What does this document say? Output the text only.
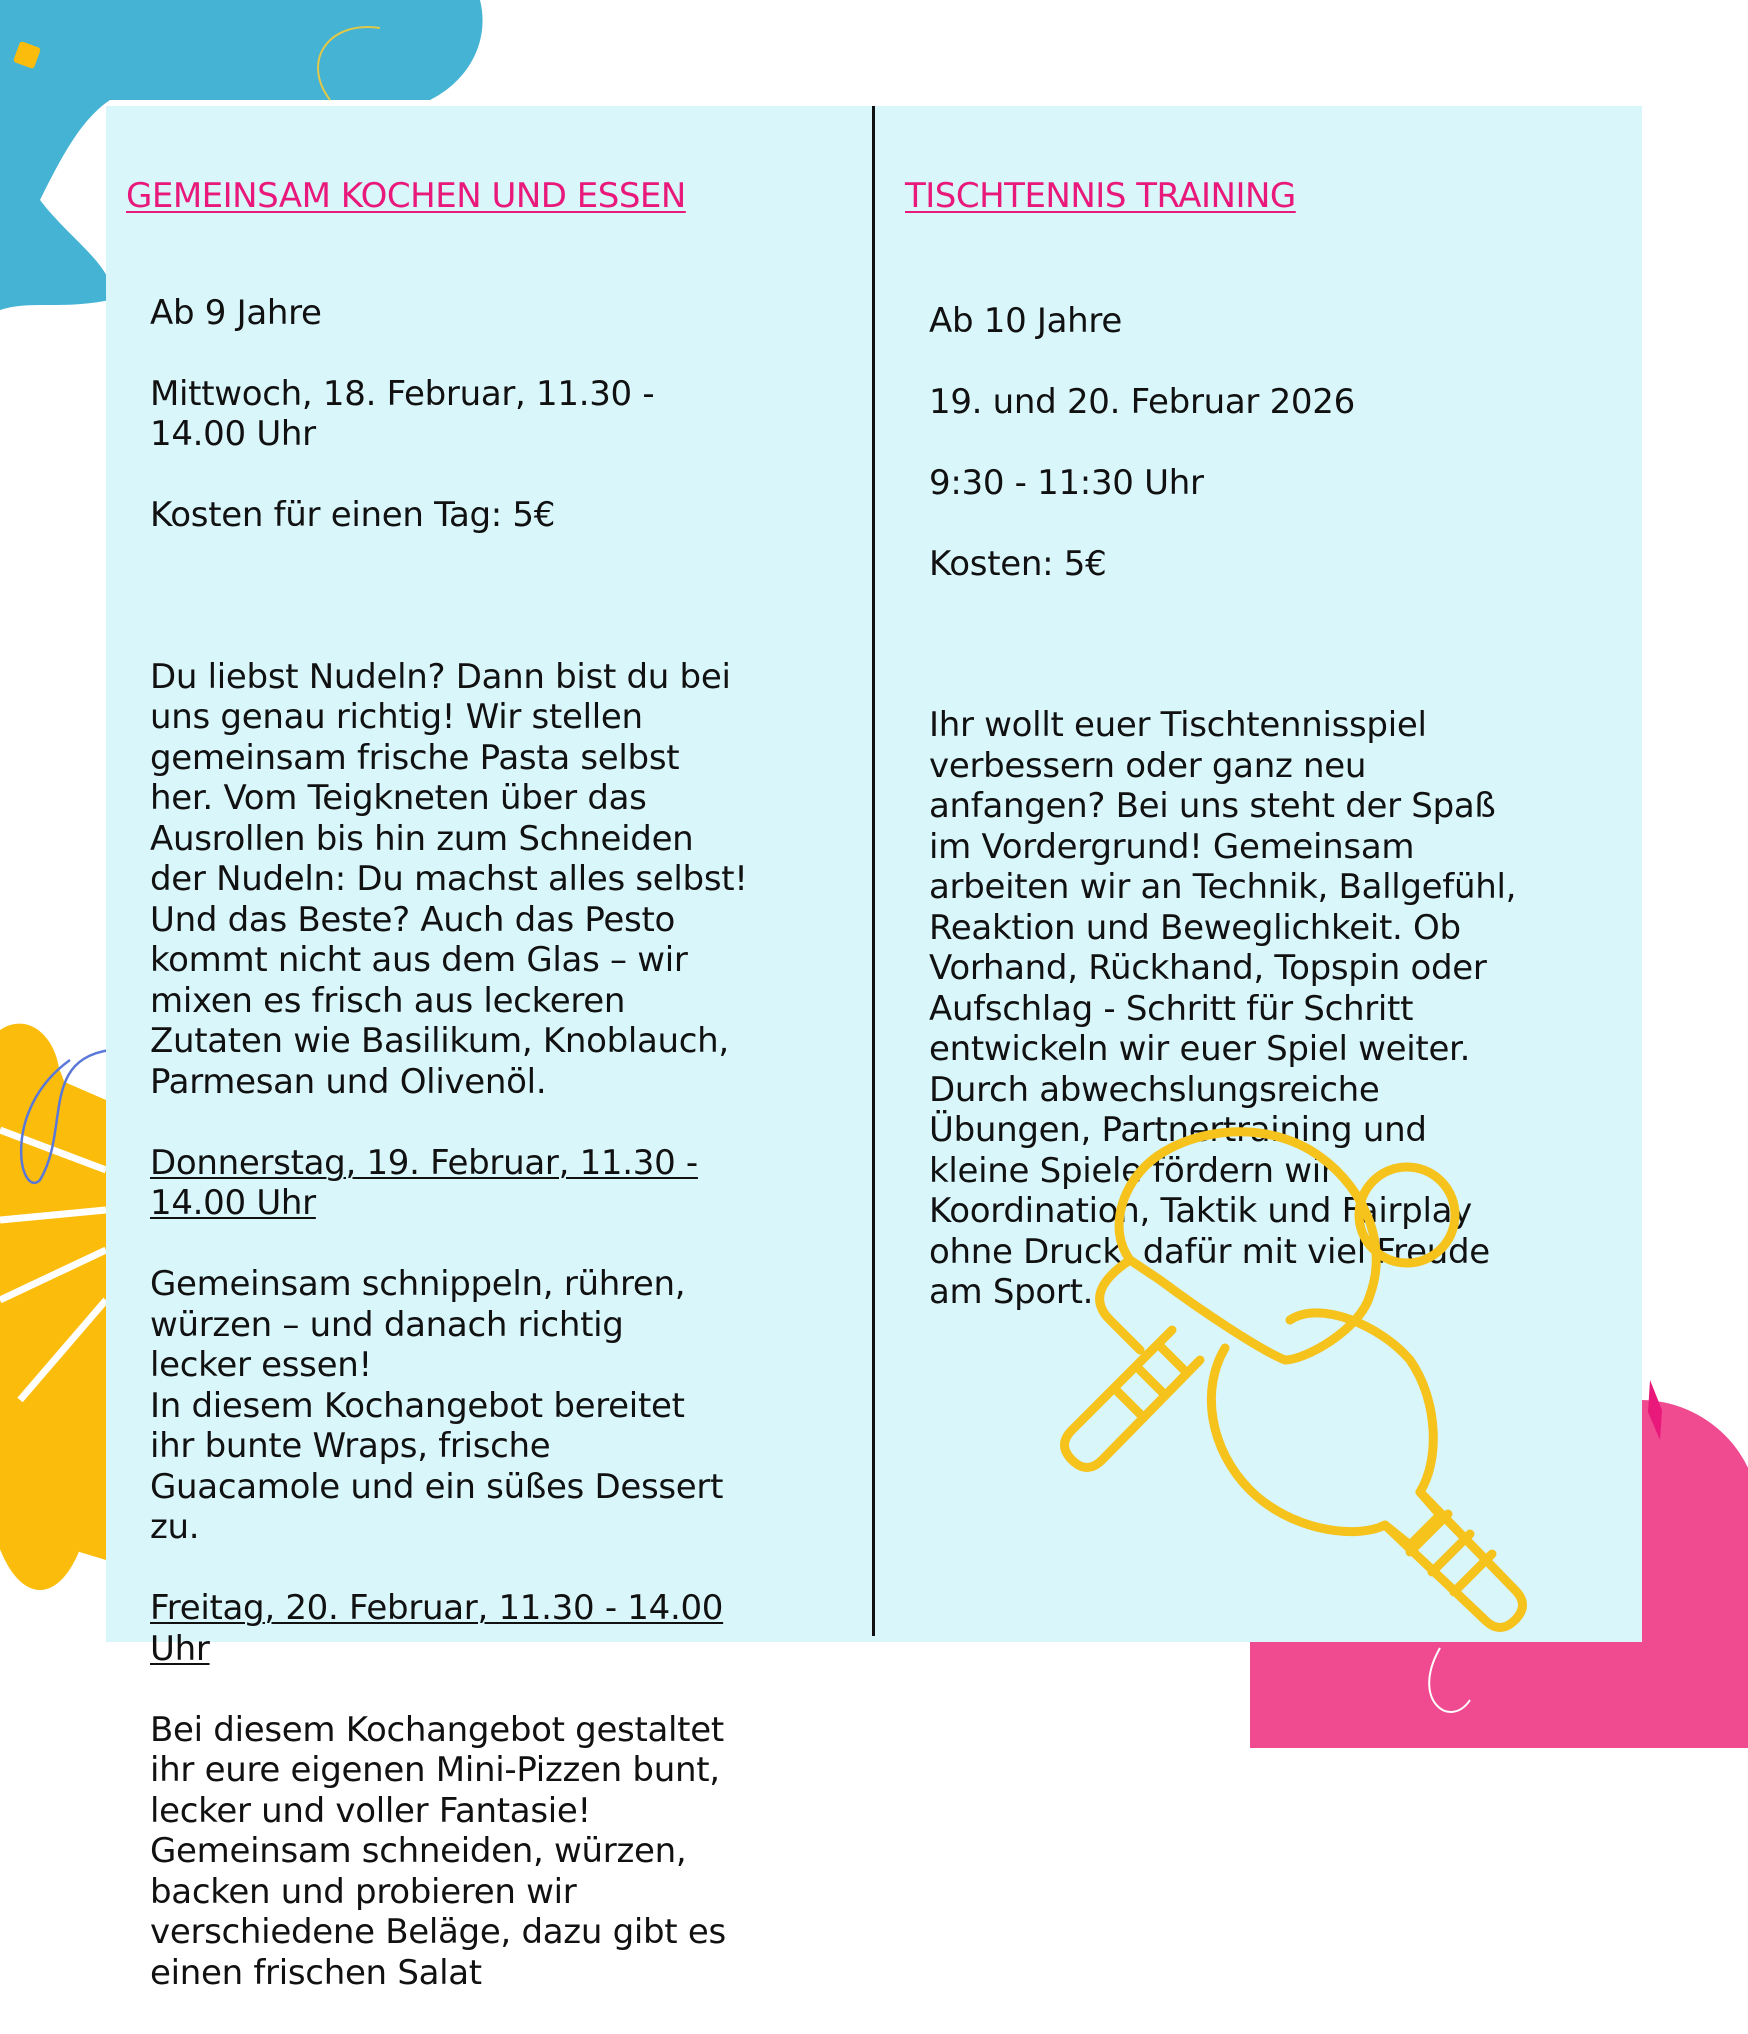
GEMEINSAM KOCHEN UND ESSEN

Ab 9 Jahre

Mittwoch, 18. Februar, 11.30 -
14.00 Uhr

Kosten für einen Tag: 5€

Du liebst Nudeln? Dann bist du bei
uns genau richtig! Wir stellen
gemeinsam frische Pasta selbst
her. Vom Teigkneten über das
Ausrollen bis hin zum Schneiden
der Nudeln: Du machst alles selbst!
Und das Beste? Auch das Pesto
kommt nicht aus dem Glas – wir
mixen es frisch aus leckeren
Zutaten wie Basilikum, Knoblauch,
Parmesan und Olivenöl.

Donnerstag, 19. Februar, 11.30 -
14.00 Uhr

Gemeinsam schnippeln, rühren,
würzen – und danach richtig
lecker essen!
In diesem Kochangebot bereitet
ihr bunte Wraps, frische
Guacamole und ein süßes Dessert
zu.

Freitag, 20. Februar, 11.30 - 14.00
Uhr

Bei diesem Kochangebot gestaltet
ihr eure eigenen Mini-Pizzen bunt,
lecker und voller Fantasie!
Gemeinsam schneiden, würzen,
backen und probieren wir
verschiedene Beläge, dazu gibt es
einen frischen Salat

TISCHTENNIS TRAINING

Ab 10 Jahre

19. und 20. Februar 2026

9:30 - 11:30 Uhr

Kosten: 5€

Ihr wollt euer Tischtennisspiel
verbessern oder ganz neu
anfangen? Bei uns steht der Spaß
im Vordergrund! Gemeinsam
arbeiten wir an Technik, Ballgefühl,
Reaktion und Beweglichkeit. Ob
Vorhand, Rückhand, Topspin oder
Aufschlag - Schritt für Schritt
entwickeln wir euer Spiel weiter.
Durch abwechslungsreiche
Übungen, Partnertraining und
kleine Spiele fördern wir
Koordination, Taktik und Fairplay
ohne Druck, dafür mit viel Freude
am Sport.
